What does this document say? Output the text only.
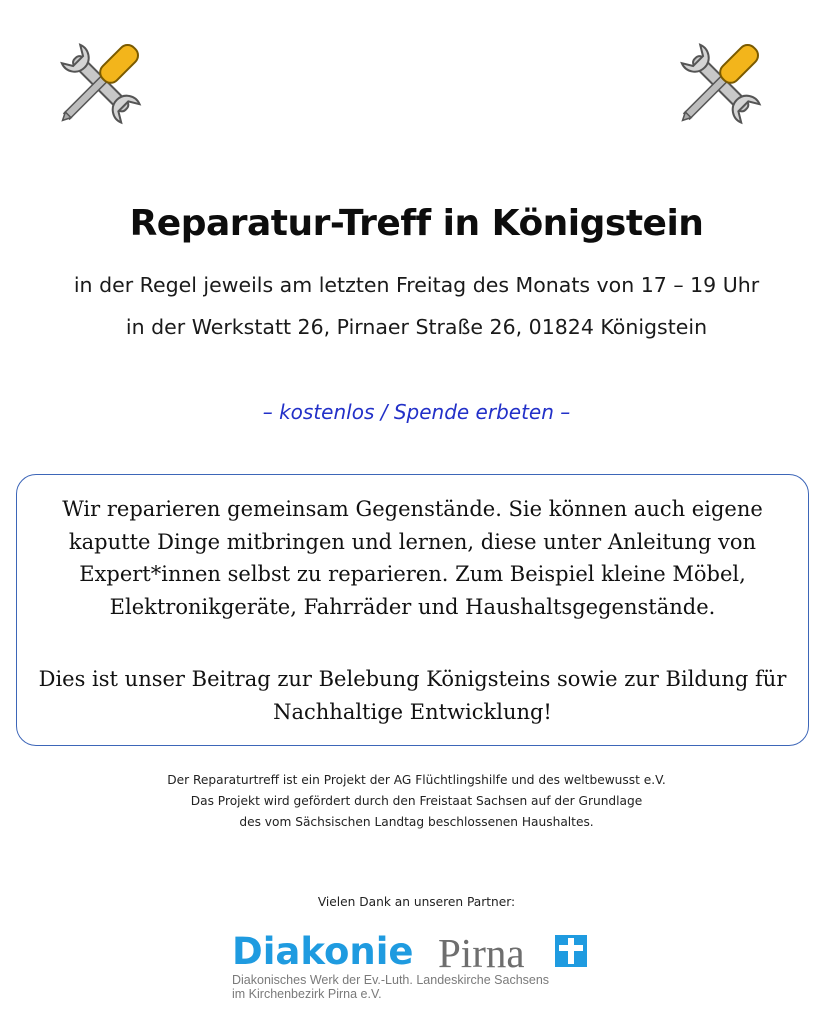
Reparatur-Treff in Königstein
in der Regel jeweils am letzten Freitag des Monats von 17 – 19 Uhr
in der Werkstatt 26, Pirnaer Straße 26, 01824 Königstein
– kostenlos / Spende erbeten –

Wir reparieren gemeinsam Gegenstände. Sie können auch eigene kaputte Dinge mitbringen und lernen, diese unter Anleitung von Expert*innen selbst zu reparieren. Zum Beispiel kleine Möbel, Elektronikgeräte, Fahrräder und Haushaltsgegenstände.

Dies ist unser Beitrag zur Belebung Königsteins sowie zur Bildung für Nachhaltige Entwicklung!

Der Reparaturtreff ist ein Projekt der AG Flüchtlingshilfe und des weltbewusst e.V.
Das Projekt wird gefördert durch den Freistaat Sachsen auf der Grundlage
des vom Sächsischen Landtag beschlossenen Haushaltes.
Vielen Dank an unseren Partner:
Diakonie Pirna
Diakonisches Werk der Ev.-Luth. Landeskirche Sachsens
im Kirchenbezirk Pirna e.V.
